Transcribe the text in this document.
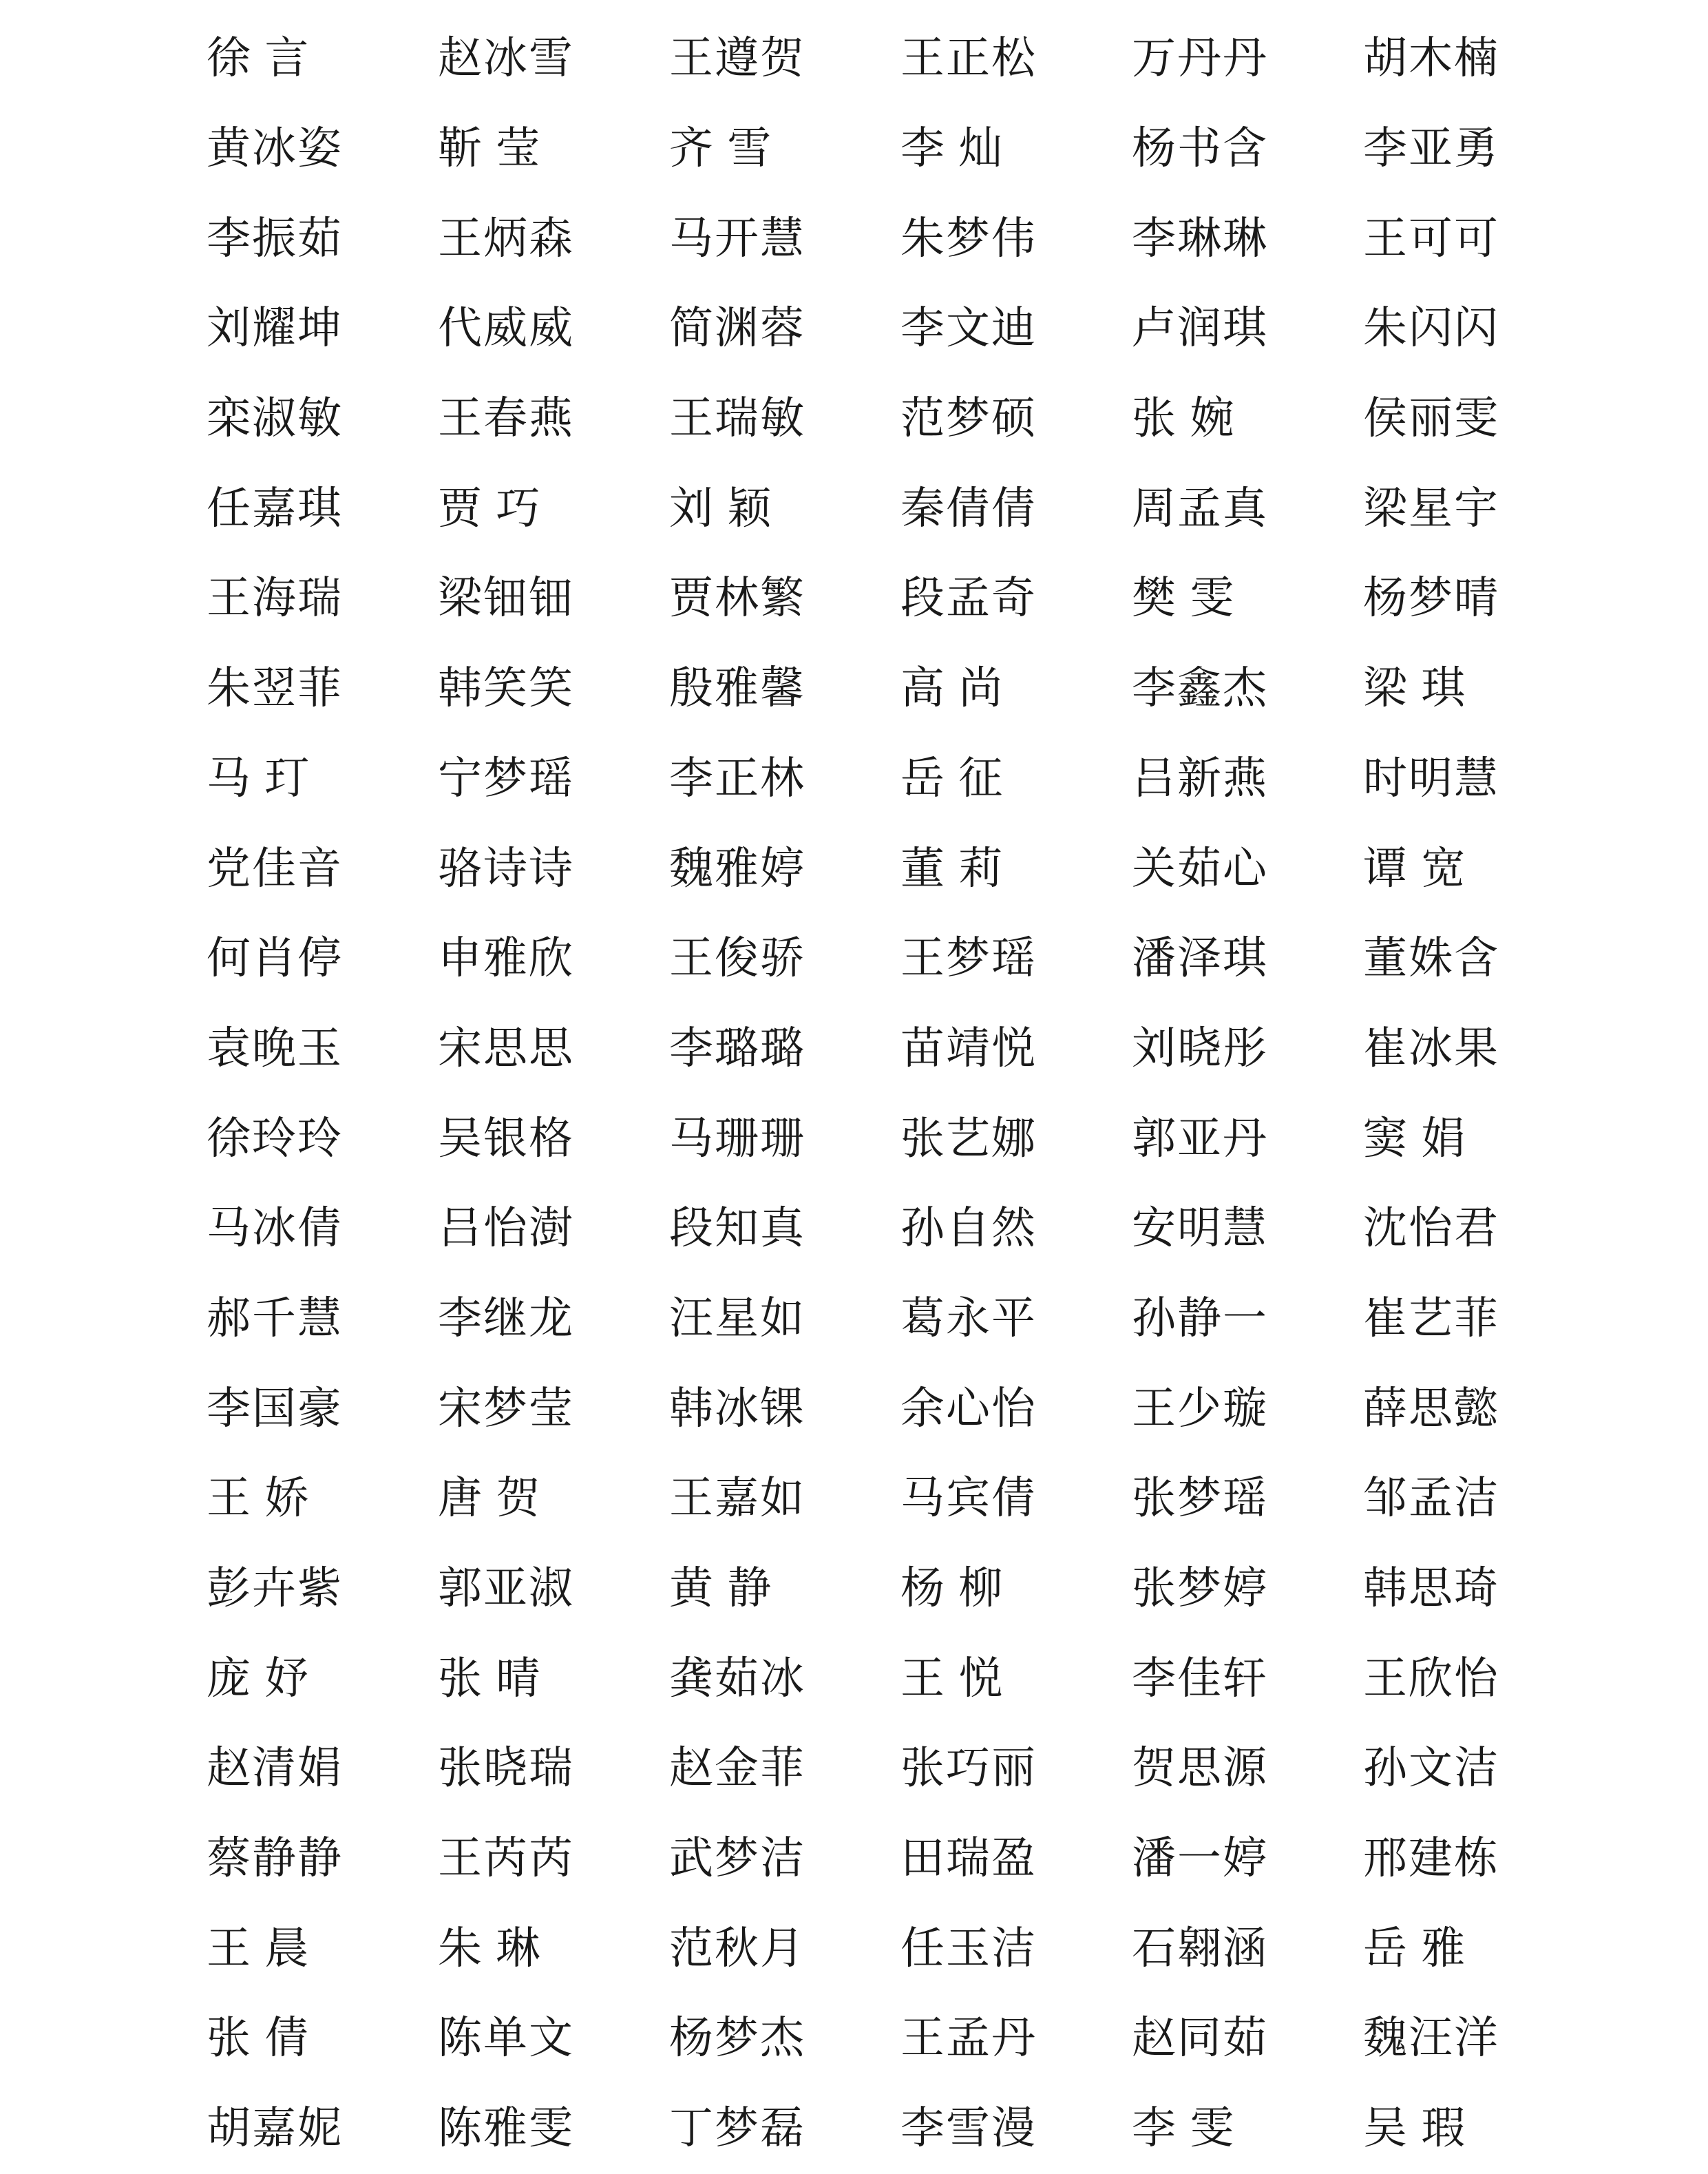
徐 言	赵冰雪 王遵贺 王正松 万丹丹 胡木楠
黄冰姿 靳 莹	齐 雪	李 灿	杨书含 李亚勇
李振茹 王炳森 马开慧 朱梦伟 李琳琳 王可可
刘耀坤 代威威 简渊蓉 李文迪 卢润琪 朱闪闪
栾淑敏 王春燕 王瑞敏 范梦硕 张 婉	侯丽雯
任嘉琪 贾 巧	刘 颖	秦倩倩 周孟真 梁星宇
王海瑞 梁钿钿 贾林繁 段孟奇 樊 雯	杨梦晴
朱翌菲 韩笑笑 殷雅馨 高 尚	李鑫杰 梁 琪
马 玎	宁梦瑶 李正林 岳 征	吕新燕 时明慧
党佳音 骆诗诗 魏雅婷 董 莉	关茹心 谭 宽
何肖停 申雅欣 王俊骄 王梦瑶 潘泽琪 董姝含
袁晚玉 宋思思 李璐璐 苗靖悦 刘晓彤 崔冰果
徐玲玲 吴银格 马珊珊 张艺娜 郭亚丹 窦 娟
马冰倩 吕怡澍 段知真 孙自然 安明慧 沈怡君
郝千慧 李继龙 汪星如 葛永平 孙静一 崔艺菲
李国豪 宋梦莹 韩冰锞 余心怡 王少璇 薛思懿
王 娇	唐 贺	王嘉如 马宾倩 张梦瑶 邹孟洁
彭卉紫 郭亚淑 黄 静	杨 柳	张梦婷 韩思琦
庞 妤	张 晴	龚茹冰 王 悦	李佳轩 王欣怡
赵清娟 张晓瑞 赵金菲 张巧丽 贺思源 孙文洁
蔡静静 王芮芮 武梦洁 田瑞盈 潘一婷 邢建栋
王 晨	朱 琳	范秋月 任玉洁 石翱涵 岳 雅
张 倩	陈单文 杨梦杰 王孟丹 赵同茹 魏汪洋
胡嘉妮 陈雅雯 丁梦磊 李雪漫 李 雯	吴 瑕
